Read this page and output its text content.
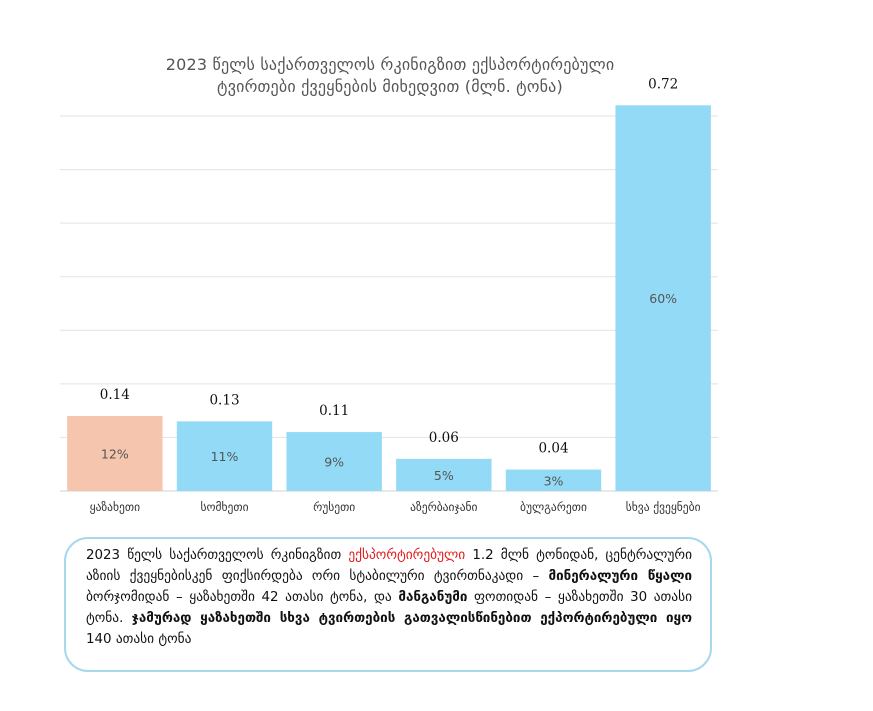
2023 წელს საქართველოს რკინიგზით ექსპორტირებული
ტვირთები ქვეყნების მიხედვით (მლნ. ტონა)
0.14
12%
ყაზახეთი
0.13
11%
სომხეთი
0.11
9%
რუსეთი
0.06
5%
აზერბაიჯანი
0.04
3%
ბულგარეთი
0.72
60%
სხვა ქვეყნები
2023 წელს საქართველოს რკინიგზით ექსპორტირებული 1.2 მლნ ტონიდან, ცენტრალური აზიის ქვეყნებისკენ ფიქსირდება ორი სტაბილური ტვირთნაკადი – მინერალური წყალი ბორჯომიდან – ყაზახეთში 42 ათასი ტონა, და მანგანუმი ფოთიდან – ყაზახეთში 30 ათასი ტონა. ჯამურად ყაზახეთში სხვა ტვირთების გათვალისწინებით ექპორტირებული იყო 140 ათასი ტონა
